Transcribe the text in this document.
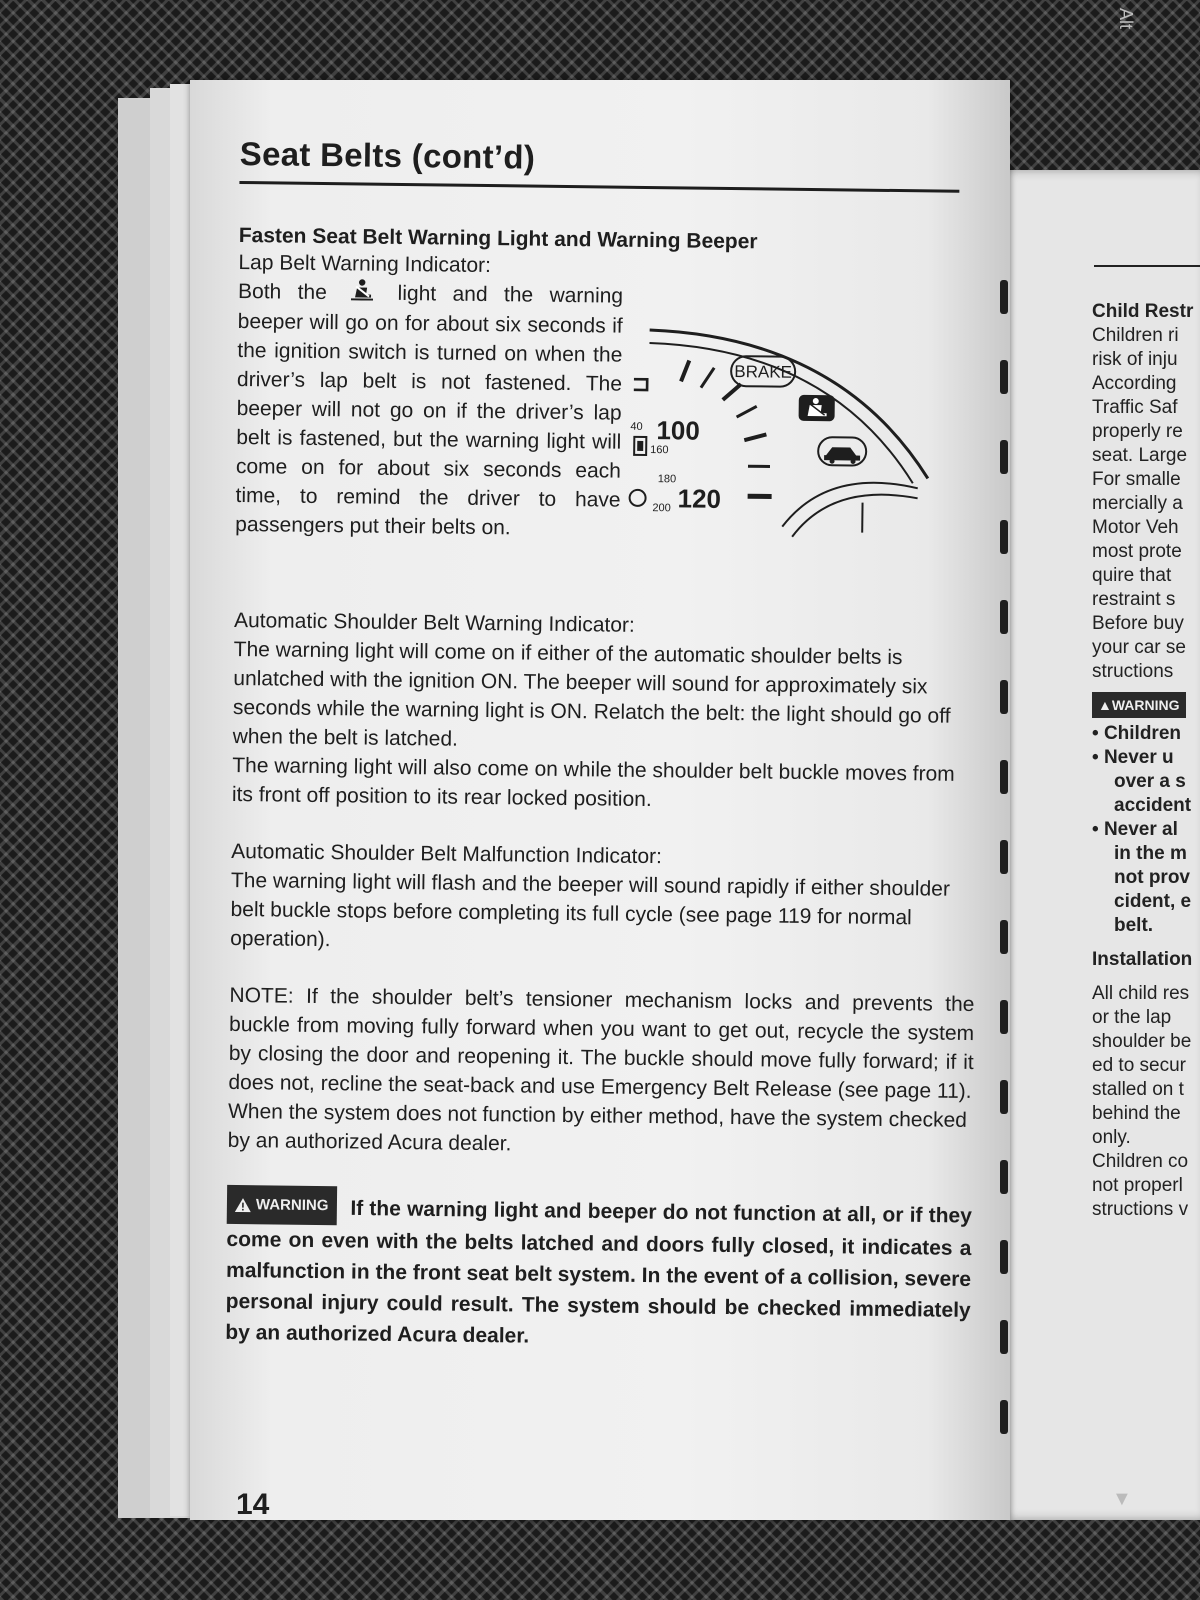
Child Restr
Children ri
risk of inju
According
Traffic Saf
properly re
seat. Large
For smalle
mercially a
Motor Veh
most prote
quire that
restraint s
Before buy
your car se
structions
▲WARNING
• Children
• Never u
over a s
accident
• Never al
in the m
not prov
cident, e
belt.
Installation
All child res
or the lap
shoulder be
ed to secur
stalled on t
behind the
only.
Children co
not properl
structions v
▼
Alt
Seat Belts (cont’d)
Fasten Seat Belt Warning Light and Warning Beeper
Lap Belt Warning Indicator:
Both the	light and the warning beeper will go on for about six seconds if the ignition switch is turned on when the driver’s lap belt is not fastened. The beeper will not go on if the driver’s lap belt is fastened, but the warning light will come on for about six seconds each time, to remind the driver to have passengers put their belts on.
BRAKE
⊐
40 100
160
180
200 120
Automatic Shoulder Belt Warning Indicator:
The warning light will come on if either of the automatic shoulder belts is unlatched with the ignition ON. The beeper will sound for approximately six seconds while the warning light is ON. Relatch the belt: the light should go off when the belt is latched.
The warning light will also come on while the shoulder belt buckle moves from its front off position to its rear locked position.
Automatic Shoulder Belt Malfunction Indicator:
The warning light will flash and the beeper will sound rapidly if either shoulder belt buckle stops before completing its full cycle (see page 119 for normal operation).
NOTE: If the shoulder belt’s tensioner mechanism locks and prevents the buckle from moving fully forward when you want to get out, recycle the system by closing the door and reopening it. The buckle should move fully forward; if it does not, recline the seat-back and use Emergency Belt Release (see page 11).
When the system does not function by either method, have the system checked by an authorized Acura dealer.
WARNING If the warning light and beeper do not function at all, or if they come on even with the belts latched and doors fully closed, it indicates a malfunction in the front seat belt system. In the event of a collision, severe personal injury could result. The system should be checked immediately by an authorized Acura dealer.
14
